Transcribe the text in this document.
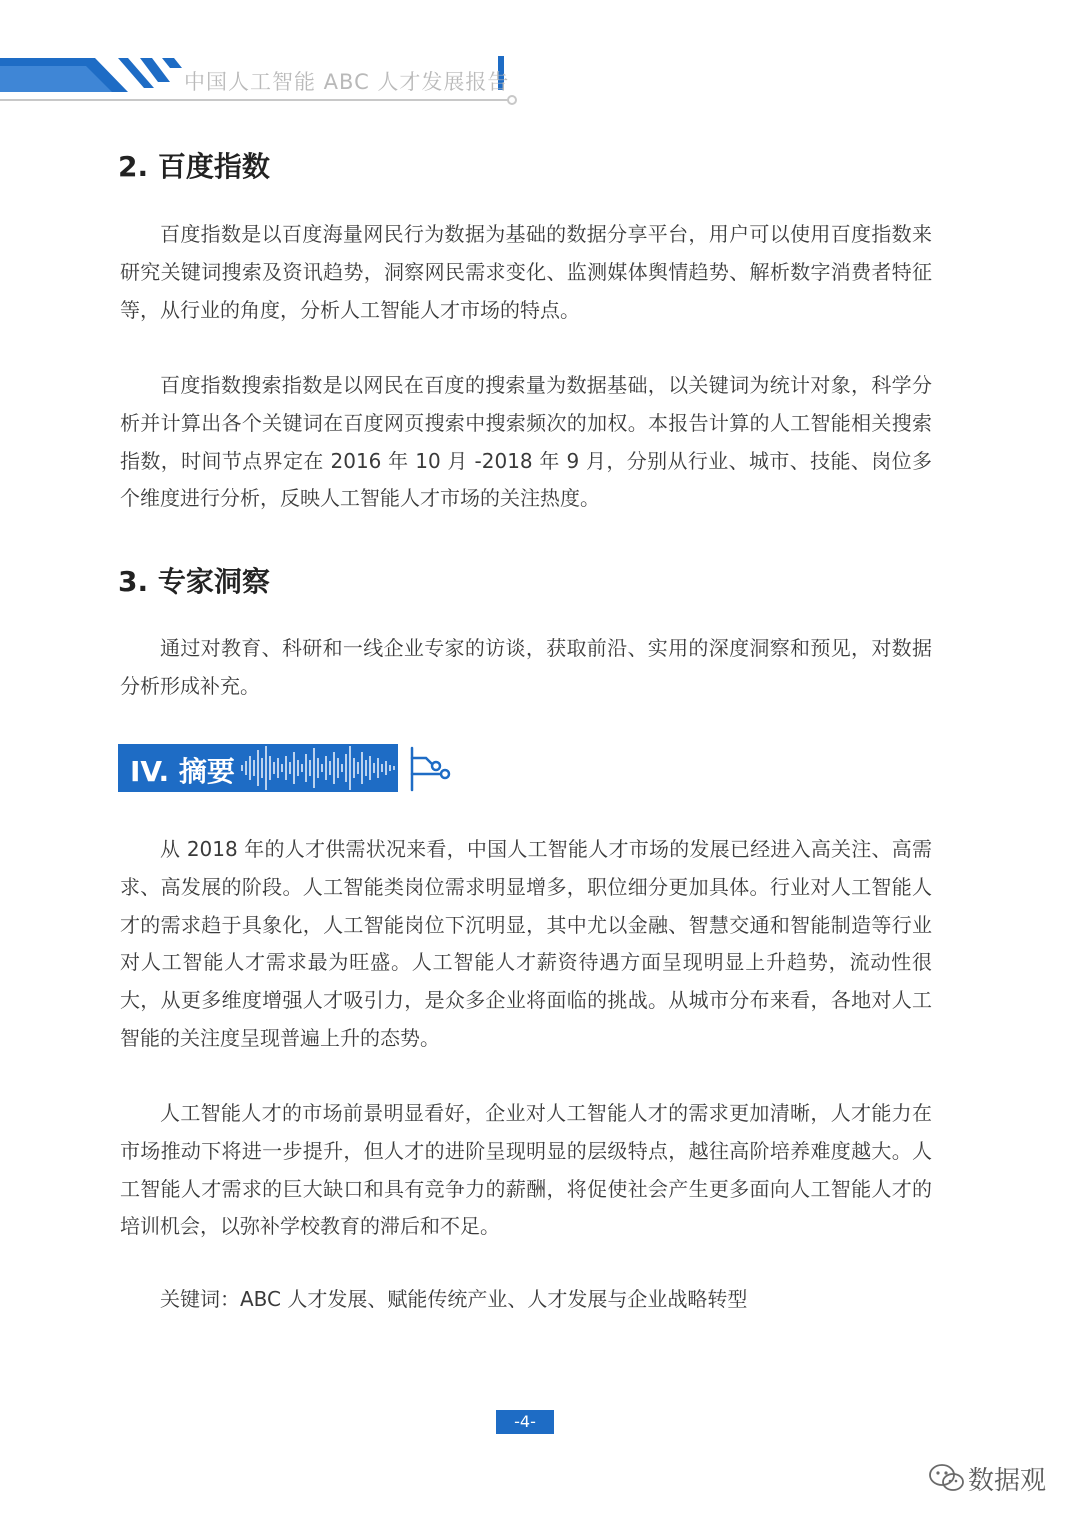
中国人工智能 ABC 人才发展报告
2. 百度指数

百度指数是以百度海量网民行为数据为基础的数据分享平台，用户可以使用百度指数来研究关键词搜索及资讯趋势，洞察网民需求变化、监测媒体舆情趋势、解析数字消费者特征等，从行业的角度，分析人工智能人才市场的特点。

百度指数搜索指数是以网民在百度的搜索量为数据基础，以关键词为统计对象，科学分析并计算出各个关键词在百度网页搜索中搜索频次的加权。本报告计算的人工智能相关搜索指数，时间节点界定在 2016 年 10 月 -2018 年 9 月，分别从行业、城市、技能、岗位多个维度进行分析，反映人工智能人才市场的关注热度。

3. 专家洞察

通过对教育、科研和一线企业专家的访谈，获取前沿、实用的深度洞察和预见，对数据分析形成补充。

IV. 摘要

从 2018 年的人才供需状况来看，中国人工智能人才市场的发展已经进入高关注、高需求、高发展的阶段。人工智能类岗位需求明显增多，职位细分更加具体。行业对人工智能人才的需求趋于具象化，人工智能岗位下沉明显，其中尤以金融、智慧交通和智能制造等行业对人工智能人才需求最为旺盛。人工智能人才薪资待遇方面呈现明显上升趋势，流动性很大，从更多维度增强人才吸引力，是众多企业将面临的挑战。从城市分布来看，各地对人工智能的关注度呈现普遍上升的态势。

人工智能人才的市场前景明显看好，企业对人工智能人才的需求更加清晰，人才能力在市场推动下将进一步提升，但人才的进阶呈现明显的层级特点，越往高阶培养难度越大。人工智能人才需求的巨大缺口和具有竞争力的薪酬，将促使社会产生更多面向人工智能人才的培训机会，以弥补学校教育的滞后和不足。

关键词：ABC 人才发展、赋能传统产业、人才发展与企业战略转型
-4-
数据观
